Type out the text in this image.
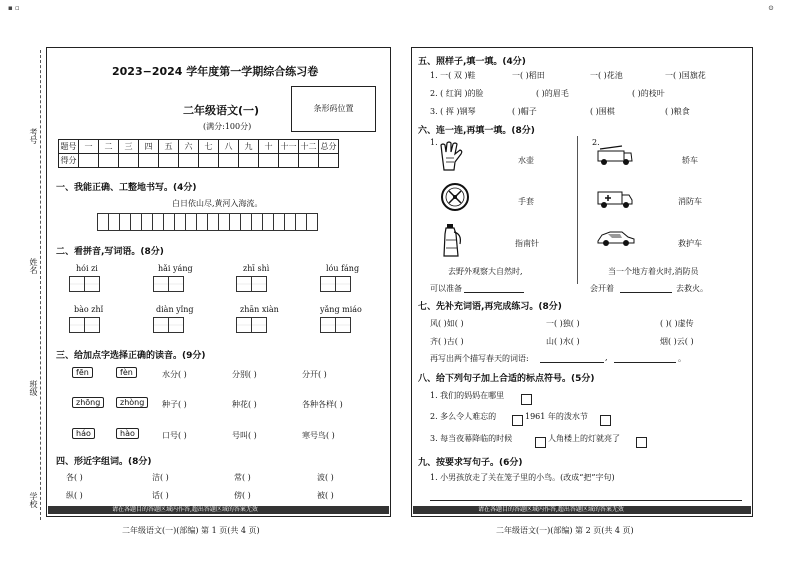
▪ ▫	⊙
考号
姓名
班级
学校
2023−2024 学年度第一学期综合练习卷
二年级语文(一)
(满分:100分)
条形码位置
题号	一	二	三	四	五	六	七	八	九	十	十一	十二	总分
得分													
一、我能正确、工整地书写。(4分)
白日依山尽,黄河入海流。
二、看拼音,写词语。(8分)
hói zi	hǎi yáng	zhī shì	lóu fáng
bào zhǐ	diàn yǐng	zhān xiàn	yǎng miáo
三、给加点字选择正确的读音。(9分)
fēn	fèn	水分( )	分别( )	分开( )
zhōng	zhòng	种子( )	种花( )	各种各样( )
háo	hào	口号( )	号叫( )	寒号鸟( )
四、形近字组词。(8分)
各( )	洁( )	常( )	波( )
纵( )	话( )	傍( )	被( )
请在各题目的答题区域内作答,超出答题区域的答案无效
二年级语文(一)(部编) 第 1 页(共 4 页)
五、照样子,填一填。(4分)
1. 一( 双 )鞋	一( )稻田	一( )花池	一( )国旗花
2. ( 红润 )的脸	( )的眉毛	( )的枝叶
3. ( 挥 )钢琴	( )帽子	( )围棋	( )粮食
六、连一连,再填一填。(8分)
1.	2.
水壶
手套
指南针
轿车
消防车
救护车
去野外观察大自然时,
可以准备
当一个地方着火时,消防员
会开着	去救火。
七、先补充词语,再完成练习。(8分)
风( )如( )	一( )独( )	( )( )虚传
齐( )古( )	山( )水( )	烟( )云( )
再写出两个描写春天的词语:	,	。
八、给下列句子加上合适的标点符号。(5分)
1. 我们的妈妈在哪里
2. 多么令人难忘的	1961 年的泼水节
3. 每当夜幕降临的时候	人角楼上的灯就亮了
九、按要求写句子。(6分)
1. 小男孩放走了关在笼子里的小鸟。(改成“把”字句)
请在各题目的答题区域内作答,超出答题区域的答案无效
二年级语文(一)(部编) 第 2 页(共 4 页)
